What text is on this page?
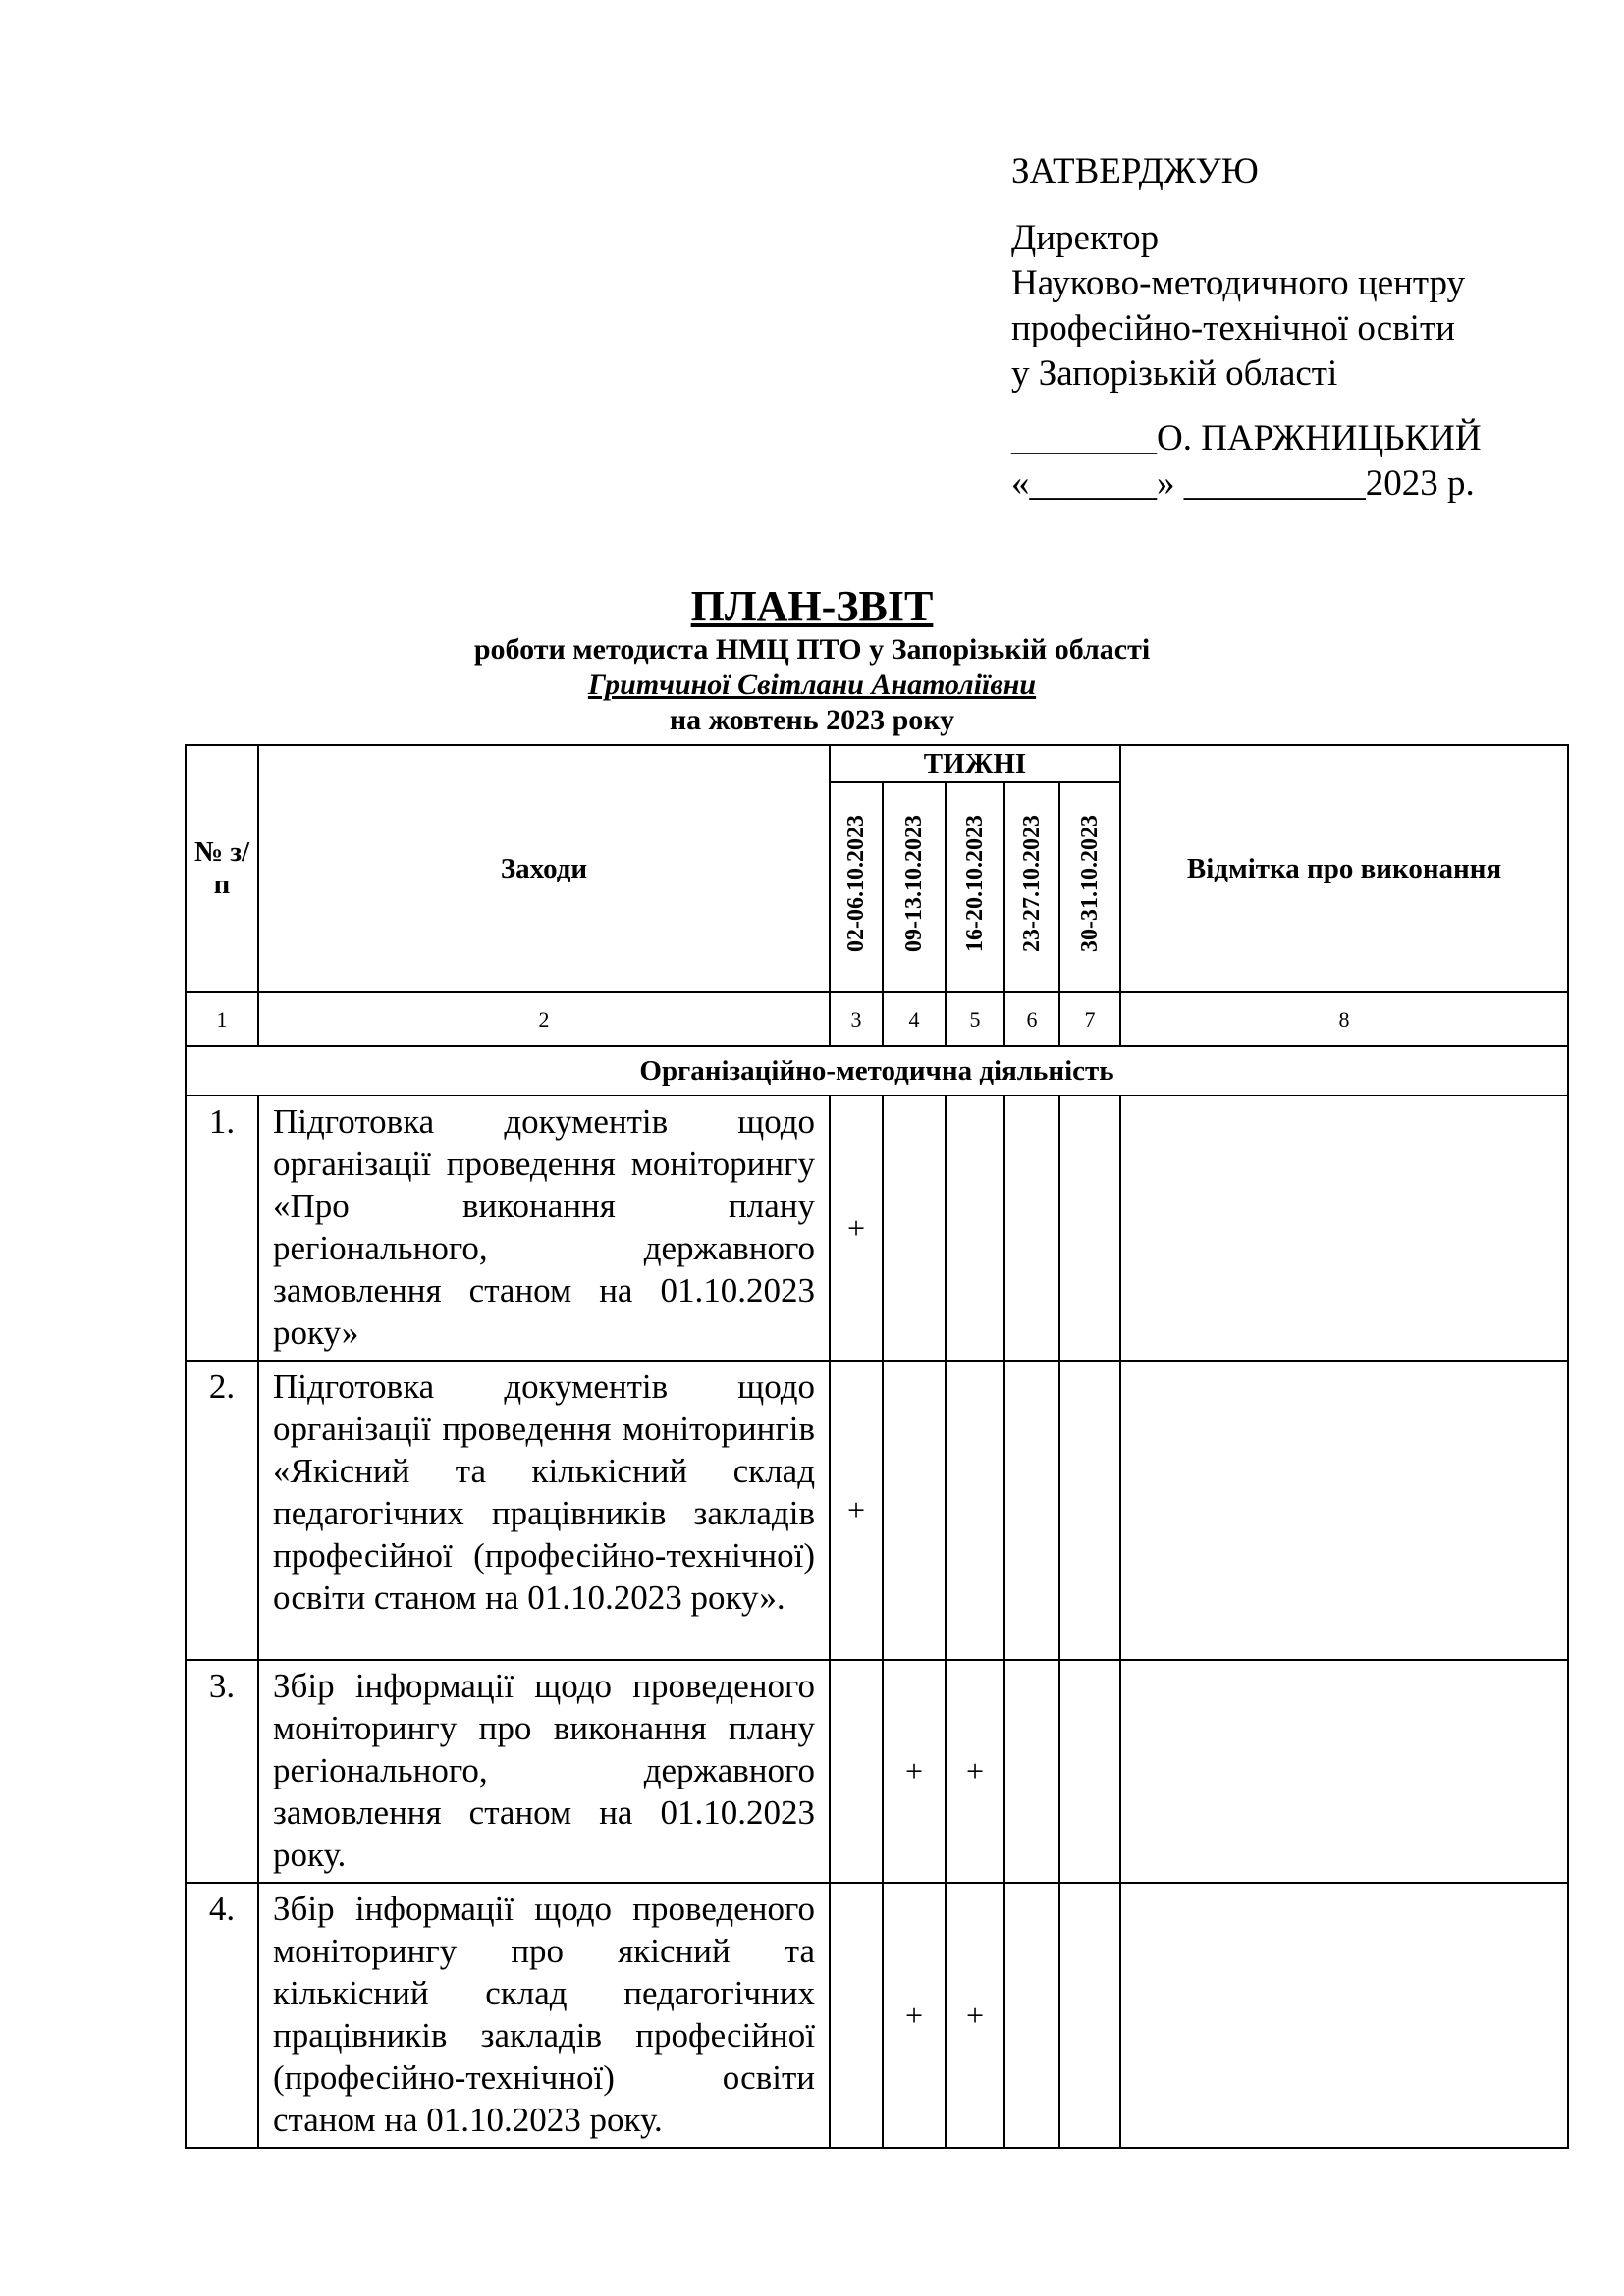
ЗАТВЕРДЖУЮ
Директор
Науково-методичного центру
професійно-технічної освіти
у Запорізькій області
________О. ПАРЖНИЦЬКИЙ
«_______» __________2023 р.
ПЛАН-ЗВІТ
роботи методиста НМЦ ПТО у Запорізькій області
Гритчиної Світлани Анатоліївни
на жовтень 2023 року
№ з/п	Заходи	ТИЖНІ					Відмітка про виконання
		02-06.10.2023	09-13.10.2023	16-20.10.2023	23-27.10.2023	30-31.10.2023	
1	2	3	4	5	6	7	8
Організаційно-методична діяльність							
1.	Підготовка документів щодо організації проведення моніторингу «Про виконання плану регіонального, державного замовлення станом на 01.10.2023 року»	+					
2.	Підготовка документів щодо організації проведення моніторингів «Якісний та кількісний склад педагогічних працівників закладів професійної (професійно-технічної) освіти станом на 01.10.2023 року».	+					
3.	Збір інформації щодо проведеного моніторингу про виконання плану регіонального, державного замовлення станом на 01.10.2023 року.		+	+			
4.	Збір інформації щодо проведеного моніторингу про якісний та кількісний склад педагогічних працівників закладів професійної (професійно-технічної) освіти станом на 01.10.2023 року.		+	+			
